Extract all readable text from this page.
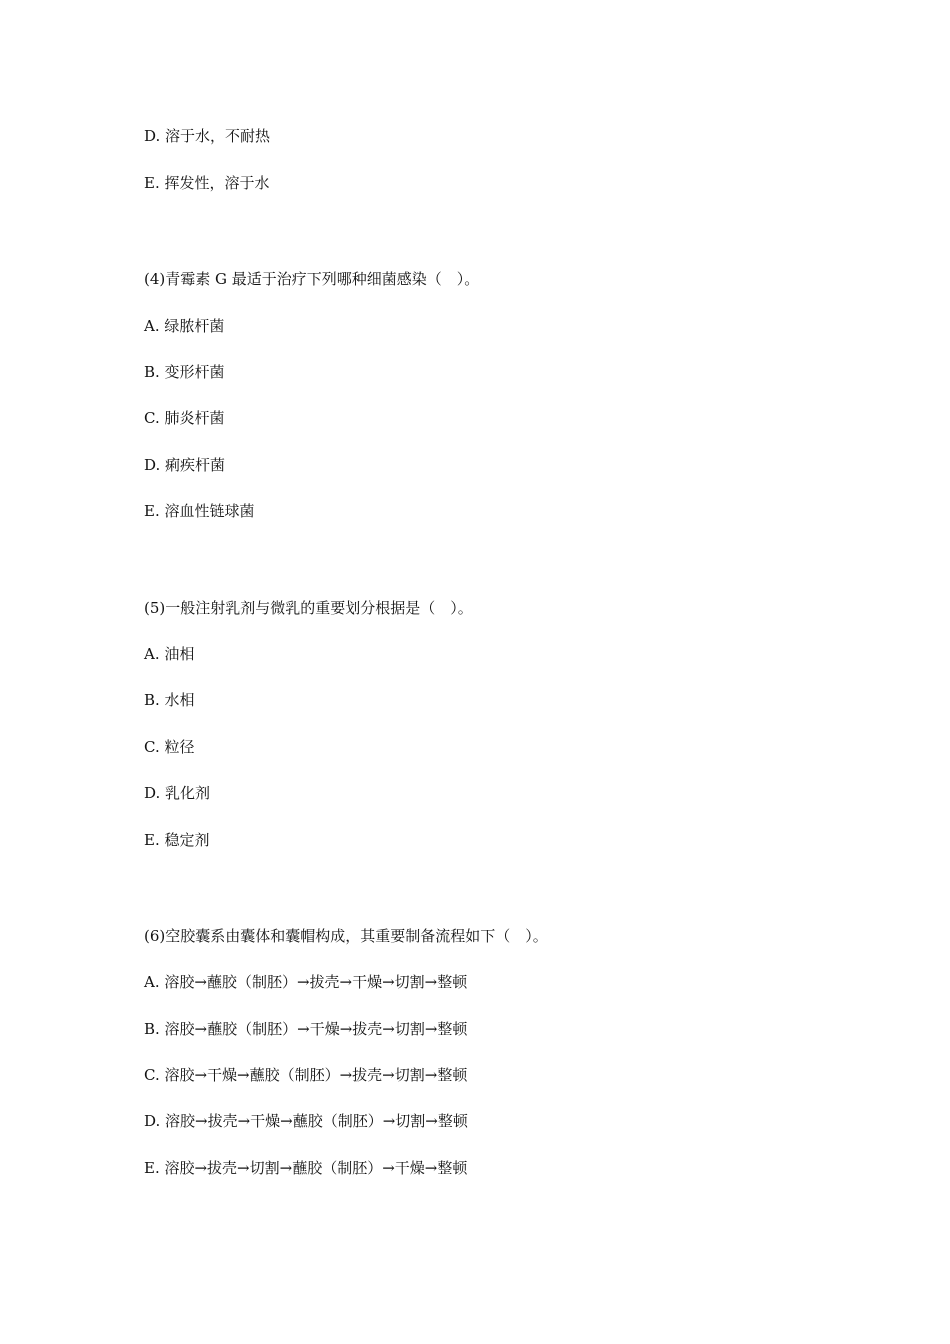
D. 溶于水，不耐热
E. 挥发性，溶于水
(4)青霉素 G 最适于治疗下列哪种细菌感染（　）。
A. 绿脓杆菌
B. 变形杆菌
C. 肺炎杆菌
D. 痢疾杆菌
E. 溶血性链球菌
(5)一般注射乳剂与微乳的重要划分根据是（　）。
A. 油相
B. 水相
C. 粒径
D. 乳化剂
E. 稳定剂
(6)空胶囊系由囊体和囊帽构成，其重要制备流程如下（　）。
A. 溶胶→蘸胶（制胚）→拔壳→干燥→切割→整顿
B. 溶胶→蘸胶（制胚）→干燥→拔壳→切割→整顿
C. 溶胶→干燥→蘸胶（制胚）→拔壳→切割→整顿
D. 溶胶→拔壳→干燥→蘸胶（制胚）→切割→整顿
E. 溶胶→拔壳→切割→蘸胶（制胚）→干燥→整顿
